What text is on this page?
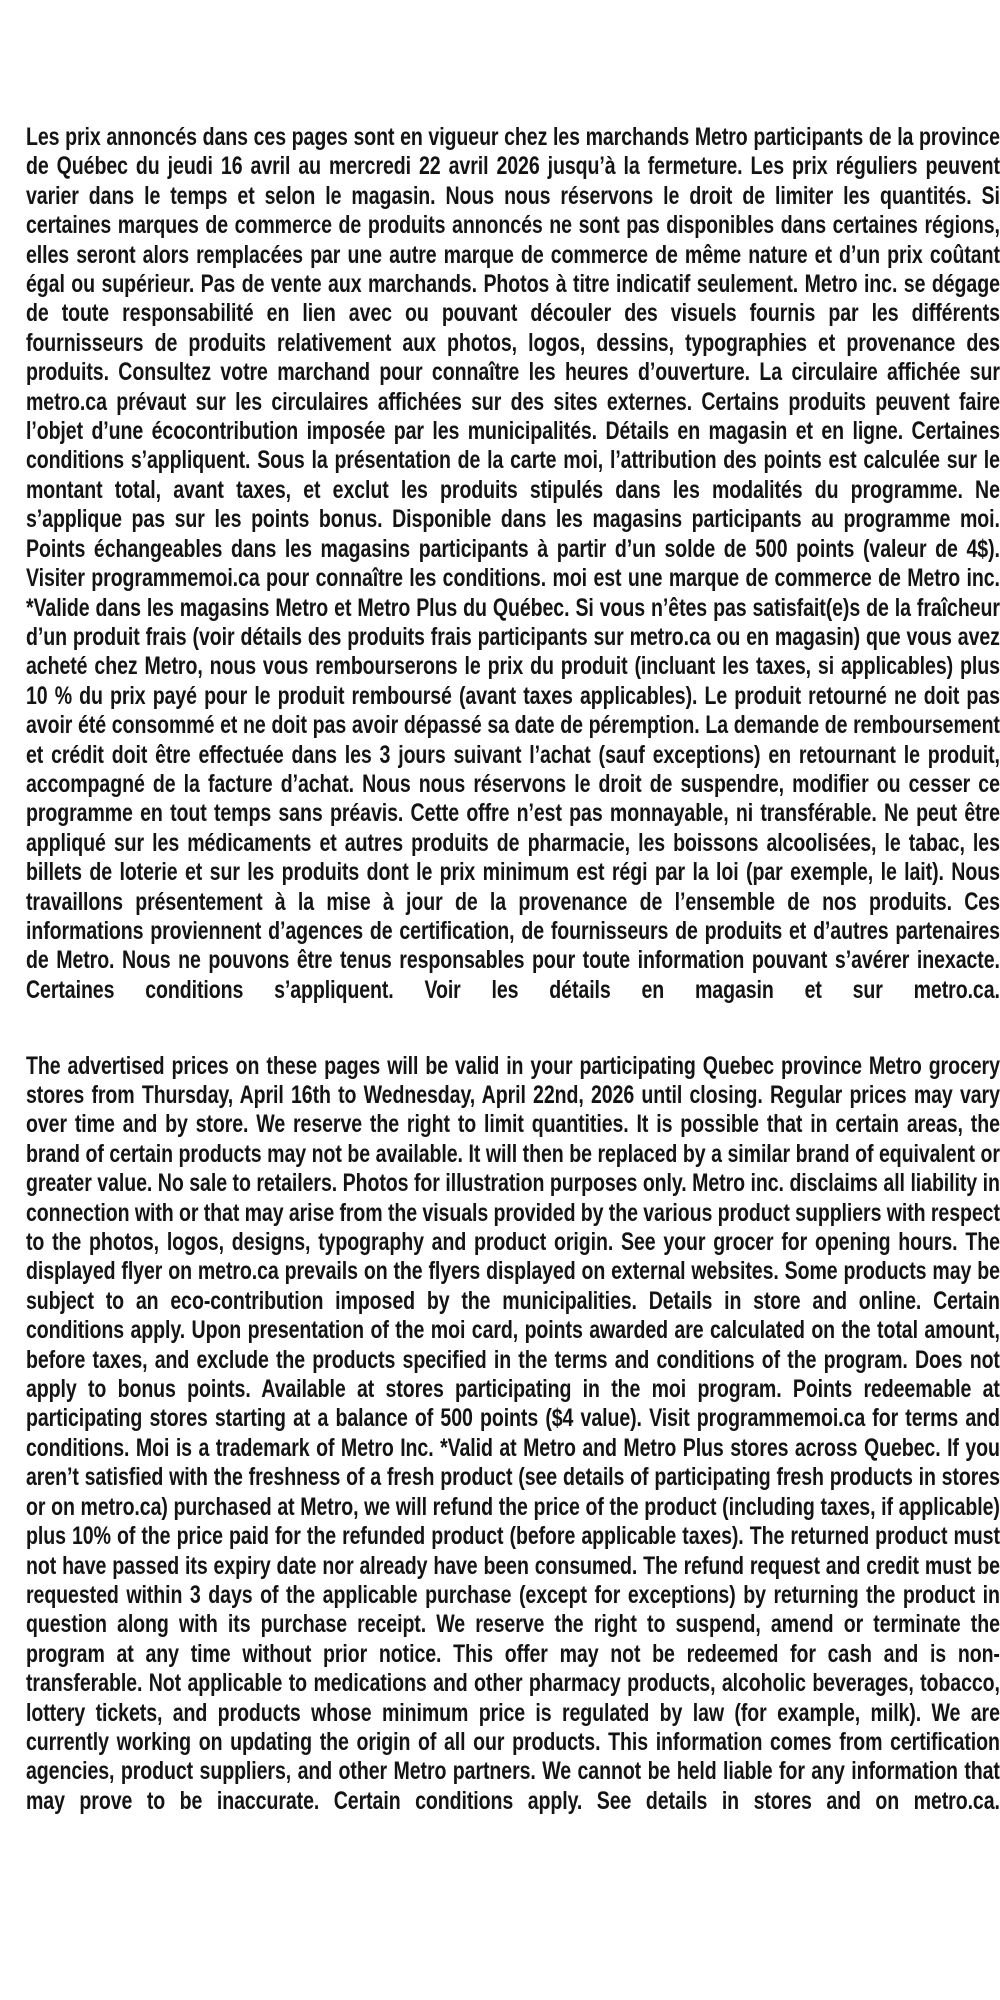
Les prix annoncés dans ces pages sont en vigueur chez les marchands Metro participants de la province de Québec du jeudi 16 avril au mercredi 22 avril 2026 jusqu’à la fermeture. Les prix réguliers peuvent varier dans le temps et selon le magasin. Nous nous réservons le droit de limiter les quantités. Si certaines marques de commerce de produits annoncés ne sont pas disponibles dans certaines régions, elles seront alors remplacées par une autre marque de commerce de même nature et d’un prix coûtant égal ou supérieur. Pas de vente aux marchands. Photos à titre indicatif seulement. Metro inc. se dégage de toute responsabilité en lien avec ou pouvant découler des visuels fournis par les différents fournisseurs de produits relativement aux photos, logos, dessins, typographies et provenance des produits. Consultez votre marchand pour connaître les heures d’ouverture. La circulaire affichée sur metro.ca prévaut sur les circulaires affichées sur des sites externes. Certains produits peuvent faire l’objet d’une écocontribution imposée par les municipalités. Détails en magasin et en ligne. Certaines conditions s’appliquent. Sous la présentation de la carte moi, l’attribution des points est calculée sur le montant total, avant taxes, et exclut les produits stipulés dans les modalités du programme. Ne s’applique pas sur les points bonus. Disponible dans les magasins participants au programme moi. Points échangeables dans les magasins participants à partir d’un solde de 500 points (valeur de 4$). Visiter programmemoi.ca pour connaître les conditions. moi est une marque de commerce de Metro inc. *Valide dans les magasins Metro et Metro Plus du Québec. Si vous n’êtes pas satisfait(e)s de la fraîcheur d’un produit frais (voir détails des produits frais participants sur metro.ca ou en magasin) que vous avez acheté chez Metro, nous vous rembourserons le prix du produit (incluant les taxes, si applicables) plus 10 % du prix payé pour le produit remboursé (avant taxes applicables). Le produit retourné ne doit pas avoir été consommé et ne doit pas avoir dépassé sa date de péremption. La demande de remboursement et crédit doit être effectuée dans les 3 jours suivant l’achat (sauf exceptions) en retournant le produit, accompagné de la facture d’achat. Nous nous réservons le droit de suspendre, modifier ou cesser ce programme en tout temps sans préavis. Cette offre n’est pas monnayable, ni transférable. Ne peut être appliqué sur les médicaments et autres produits de pharmacie, les boissons alcoolisées, le tabac, les billets de loterie et sur les produits dont le prix minimum est régi par la loi (par exemple, le lait). Nous travaillons présentement à la mise à jour de la provenance de l’ensemble de nos produits. Ces informations proviennent d’agences de certification, de fournisseurs de produits et d’autres partenaires de Metro. Nous ne pouvons être tenus responsables pour toute information pouvant s’avérer inexacte. Certaines conditions s’appliquent. Voir les détails en magasin et sur metro.ca.

The advertised prices on these pages will be valid in your participating Quebec province Metro grocery stores from Thursday, April 16th to Wednesday, April 22nd, 2026 until closing. Regular prices may vary over time and by store. We reserve the right to limit quantities. It is possible that in certain areas, the brand of certain products may not be available. It will then be replaced by a similar brand of equivalent or greater value. No sale to retailers. Photos for illustration purposes only. Metro inc. disclaims all liability in connection with or that may arise from the visuals provided by the various product suppliers with respect to the photos, logos, designs, typography and product origin. See your grocer for opening hours. The displayed flyer on metro.ca prevails on the flyers displayed on external websites. Some products may be subject to an eco-contribution imposed by the municipalities. Details in store and online. Certain conditions apply. Upon presentation of the moi card, points awarded are calculated on the total amount, before taxes, and exclude the products specified in the terms and conditions of the program. Does not apply to bonus points. Available at stores participating in the moi program. Points redeemable at participating stores starting at a balance of 500 points ($4 value). Visit programmemoi.ca for terms and conditions. Moi is a trademark of Metro Inc. *Valid at Metro and Metro Plus stores across Quebec. If you aren’t satisfied with the freshness of a fresh product (see details of participating fresh products in stores or on metro.ca) purchased at Metro, we will refund the price of the product (including taxes, if applicable) plus 10% of the price paid for the refunded product (before applicable taxes). The returned product must not have passed its expiry date nor already have been consumed. The refund request and credit must be requested within 3 days of the applicable purchase (except for exceptions) by returning the product in question along with its purchase receipt. We reserve the right to suspend, amend or terminate the program at any time without prior notice. This offer may not be redeemed for cash and is non-transferable. Not applicable to medications and other pharmacy products, alcoholic beverages, tobacco, lottery tickets, and products whose minimum price is regulated by law (for example, milk). We are currently working on updating the origin of all our products. This information comes from certification agencies, product suppliers, and other Metro partners. We cannot be held liable for any information that may prove to be inaccurate. Certain conditions apply. See details in stores and on metro.ca.
